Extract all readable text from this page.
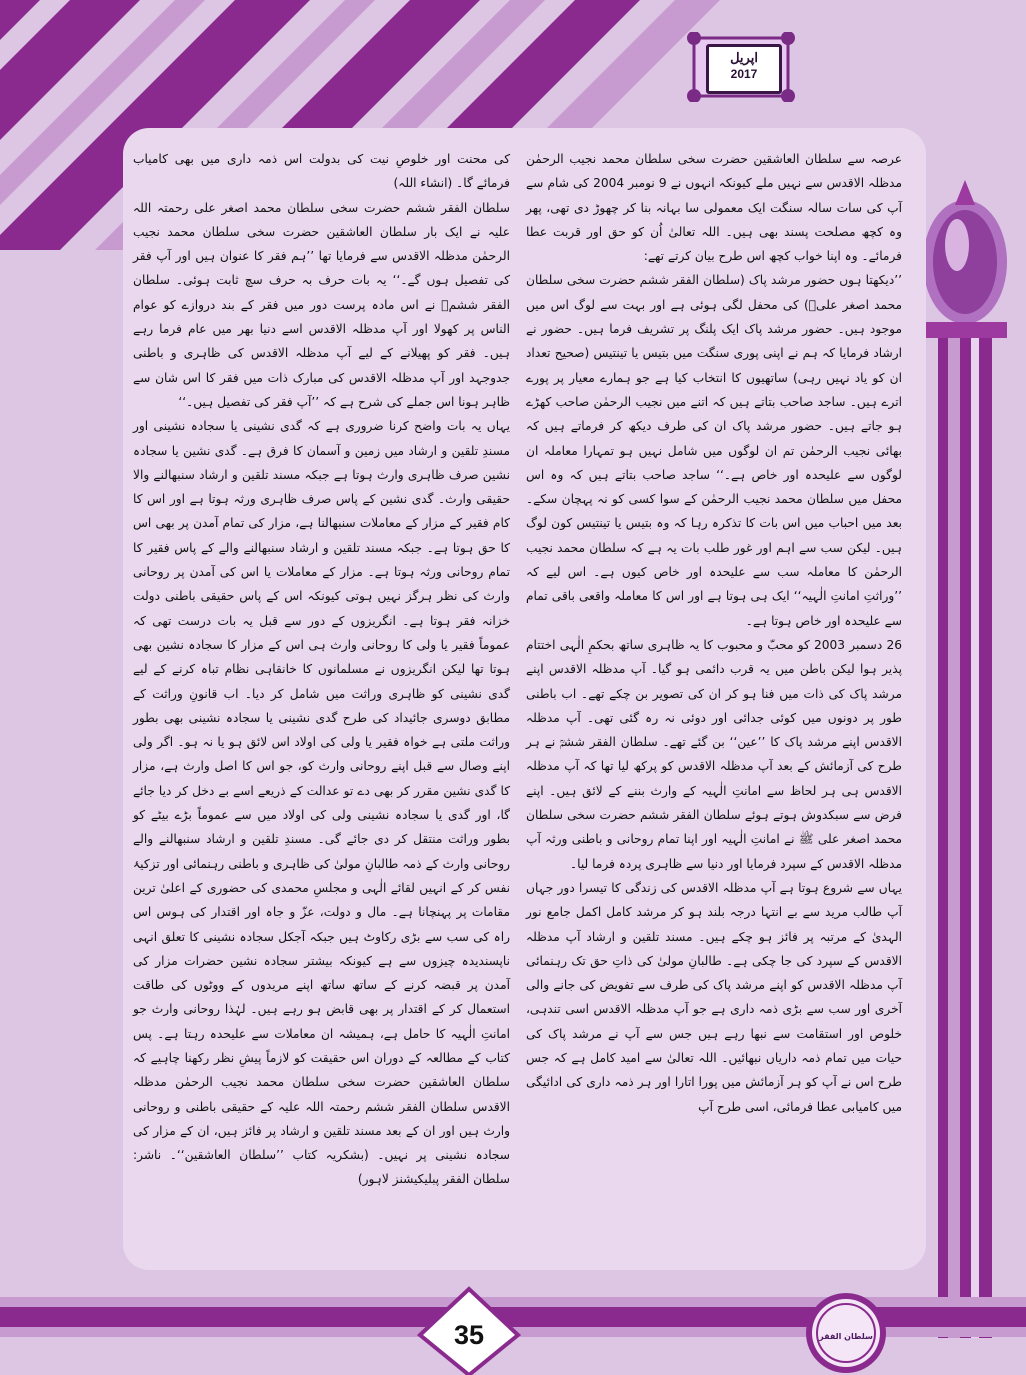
اپریل
2017

عرصہ سے سلطان العاشقین حضرت سخی سلطان محمد نجیب الرحمٰن مدظلہ الاقدس سے نہیں ملے کیونکہ انہوں نے 9 نومبر 2004 کی شام سے آپ کی سات سالہ سنگت ایک معمولی سا بہانہ بنا کر چھوڑ دی تھی، پھر وہ کچھ مصلحت پسند بھی ہیں۔ اللہ تعالیٰ اُن کو حق اور قربت عطا فرمائے۔ وہ اپنا خواب کچھ اس طرح بیان کرتے تھے:

’’دیکھتا ہوں حضور مرشد پاک (سلطان الفقر ششم حضرت سخی سلطان محمد اصغر علیؒ) کی محفل لگی ہوئی ہے اور بہت سے لوگ اس میں موجود ہیں۔ حضور مرشد پاک ایک پلنگ پر تشریف فرما ہیں۔ حضور نے ارشاد فرمایا کہ ہم نے اپنی پوری سنگت میں بتیس یا تینتیس (صحیح تعداد ان کو یاد نہیں رہی) ساتھیوں کا انتخاب کیا ہے جو ہمارے معیار پر پورے اترے ہیں۔ ساجد صاحب بتاتے ہیں کہ اتنے میں نجیب الرحمٰن صاحب کھڑے ہو جاتے ہیں۔ حضور مرشد پاک ان کی طرف دیکھ کر فرماتے ہیں کہ بھائی نجیب الرحمٰن تم ان لوگوں میں شامل نہیں ہو تمہارا معاملہ ان لوگوں سے علیحدہ اور خاص ہے۔‘‘ ساجد صاحب بتاتے ہیں کہ وہ اس محفل میں سلطان محمد نجیب الرحمٰن کے سوا کسی کو نہ پہچان سکے۔ بعد میں احباب میں اس بات کا تذکرہ رہا کہ وہ بتیس یا تینتیس کون لوگ ہیں۔ لیکن سب سے اہم اور غور طلب بات یہ ہے کہ سلطان محمد نجیب الرحمٰن کا معاملہ سب سے علیحدہ اور خاص کیوں ہے۔ اس لیے کہ ’’وراثتِ امانتِ الٰہیہ‘‘ ایک ہی ہوتا ہے اور اس کا معاملہ واقعی باقی تمام سے علیحدہ اور خاص ہوتا ہے۔

26 دسمبر 2003 کو محبّ و محبوب کا یہ ظاہری ساتھ بحکمِ الٰہی اختتام پذیر ہوا لیکن باطن میں یہ قرب دائمی ہو گیا۔ آپ مدظلہ الاقدس اپنے مرشد پاک کی ذات میں فنا ہو کر ان کی تصویر بن چکے تھے۔ اب باطنی طور پر دونوں میں کوئی جدائی اور دوئی نہ رہ گئی تھی۔ آپ مدظلہ الاقدس اپنے مرشد پاک کا ’’عین‘‘ بن گئے تھے۔ سلطان الفقر ششمؒ نے ہر طرح کی آزمائش کے بعد آپ مدظلہ الاقدس کو پرکھ لیا تھا کہ آپ مدظلہ الاقدس ہی ہر لحاظ سے امانتِ الٰہیہ کے وارث بننے کے لائق ہیں۔ اپنے فرض سے سبکدوش ہوتے ہوئے سلطان الفقر ششم حضرت سخی سلطان محمد اصغر علی ﷺ نے امانتِ الٰہیہ اور اپنا تمام روحانی و باطنی ورثہ آپ مدظلہ الاقدس کے سپرد فرمایا اور دنیا سے ظاہری پردہ فرما لیا۔

یہاں سے شروع ہوتا ہے آپ مدظلہ الاقدس کی زندگی کا تیسرا دور جہاں آپ طالب مرید سے بے انتہا درجہ بلند ہو کر مرشد کامل اکمل جامع نور الہدیٰ کے مرتبہ پر فائز ہو چکے ہیں۔ مسند تلقین و ارشاد آپ مدظلہ الاقدس کے سپرد کی جا چکی ہے۔ طالبانِ مولیٰ کی ذاتِ حق تک رہنمائی آپ مدظلہ الاقدس کو اپنے مرشد پاک کی طرف سے تفویض کی جانے والی آخری اور سب سے بڑی ذمہ داری ہے جو آپ مدظلہ الاقدس اسی تندہی، خلوص اور استقامت سے نبھا رہے ہیں جس سے آپ نے مرشد پاک کی حیات میں تمام ذمہ داریاں نبھائیں۔ اللہ تعالیٰ سے امید کامل ہے کہ جس طرح اس نے آپ کو ہر آزمائش میں پورا اتارا اور ہر ذمہ داری کی ادائیگی میں کامیابی عطا فرمائی، اسی طرح آپ

کی محنت اور خلوصِ نیت کی بدولت اس ذمہ داری میں بھی کامیاب فرمائے گا۔ (انشاء اللہ)

سلطان الفقر ششم حضرت سخی سلطان محمد اصغر علی رحمتہ اللہ علیہ نے ایک بار سلطان العاشقین حضرت سخی سلطان محمد نجیب الرحمٰن مدظلہ الاقدس سے فرمایا تھا ’’ہم فقر کا عنوان ہیں اور آپ فقر کی تفصیل ہوں گے۔‘‘ یہ بات حرف بہ حرف سچ ثابت ہوئی۔ سلطان الفقر ششمؒ نے اس مادہ پرست دور میں فقر کے بند دروازے کو عوام الناس پر کھولا اور آپ مدظلہ الاقدس اسے دنیا بھر میں عام فرما رہے ہیں۔ فقر کو پھیلانے کے لیے آپ مدظلہ الاقدس کی ظاہری و باطنی جدوجہد اور آپ مدظلہ الاقدس کی مبارک ذات میں فقر کا اس شان سے ظاہر ہونا اس جملے کی شرح ہے کہ ’’آپ فقر کی تفصیل ہیں۔‘‘

یہاں یہ بات واضح کرنا ضروری ہے کہ گدی نشینی یا سجادہ نشینی اور مسندِ تلقین و ارشاد میں زمین و آسمان کا فرق ہے۔ گدی نشین یا سجادہ نشین صرف ظاہری وارث ہوتا ہے جبکہ مسند تلقین و ارشاد سنبھالنے والا حقیقی وارث۔ گدی نشین کے پاس صرف ظاہری ورثہ ہوتا ہے اور اس کا کام فقیر کے مزار کے معاملات سنبھالنا ہے، مزار کی تمام آمدن پر بھی اس کا حق ہوتا ہے۔ جبکہ مسند تلقین و ارشاد سنبھالنے والے کے پاس فقیر کا تمام روحانی ورثہ ہوتا ہے۔ مزار کے معاملات یا اس کی آمدن پر روحانی وارث کی نظر ہرگز نہیں ہوتی کیونکہ اس کے پاس حقیقی باطنی دولت خزانہ فقر ہوتا ہے۔ انگریزوں کے دور سے قبل یہ بات درست تھی کہ عموماً فقیر یا ولی کا روحانی وارث ہی اس کے مزار کا سجادہ نشین بھی ہوتا تھا لیکن انگریزوں نے مسلمانوں کا خانقاہی نظام تباہ کرنے کے لیے گدی نشینی کو ظاہری وراثت میں شامل کر دیا۔ اب قانونِ وراثت کے مطابق دوسری جائیداد کی طرح گدی نشینی یا سجادہ نشینی بھی بطور وراثت ملتی ہے خواہ فقیر یا ولی کی اولاد اس لائق ہو یا نہ ہو۔ اگر ولی اپنے وصال سے قبل اپنے روحانی وارث کو، جو اس کا اصل وارث ہے، مزار کا گدی نشین مقرر کر بھی دے تو عدالت کے ذریعے اسے بے دخل کر دیا جائے گا، اور گدی یا سجادہ نشینی ولی کی اولاد میں سے عموماً بڑے بیٹے کو بطور وراثت منتقل کر دی جائے گی۔ مسندِ تلقین و ارشاد سنبھالنے والے روحانی وارث کے ذمہ طالبانِ مولیٰ کی ظاہری و باطنی رہنمائی اور تزکیۂ نفس کر کے انہیں لقائے الٰہی و مجلسِ محمدی کی حضوری کے اعلیٰ ترین مقامات پر پہنچانا ہے۔ مال و دولت، عزّ و جاہ اور اقتدار کی ہوس اس راہ کی سب سے بڑی رکاوٹ ہیں جبکہ آجکل سجادہ نشینی کا تعلق انہی ناپسندیدہ چیزوں سے ہے کیونکہ بیشتر سجادہ نشین حضرات مزار کی آمدن پر قبضہ کرنے کے ساتھ ساتھ اپنے مریدوں کے ووٹوں کی طاقت استعمال کر کے اقتدار پر بھی قابض ہو رہے ہیں۔ لہٰذا روحانی وارث جو امانتِ الٰہیہ کا حامل ہے، ہمیشہ ان معاملات سے علیحدہ رہتا ہے۔ پس کتاب کے مطالعہ کے دوران اس حقیقت کو لازماً پیشِ نظر رکھنا چاہیے کہ سلطان العاشقین حضرت سخی سلطان محمد نجیب الرحمٰن مدظلہ الاقدس سلطان الفقر ششم رحمتہ اللہ علیہ کے حقیقی باطنی و روحانی وارث ہیں اور ان کے بعد مسند تلقین و ارشاد پر فائز ہیں، ان کے مزار کی سجادہ نشینی پر نہیں۔ (بشکریہ کتاب ’’سلطان العاشقین‘‘۔ ناشر: سلطان الفقر پبلیکیشنز لاہور)

35	سلطان الفقر
